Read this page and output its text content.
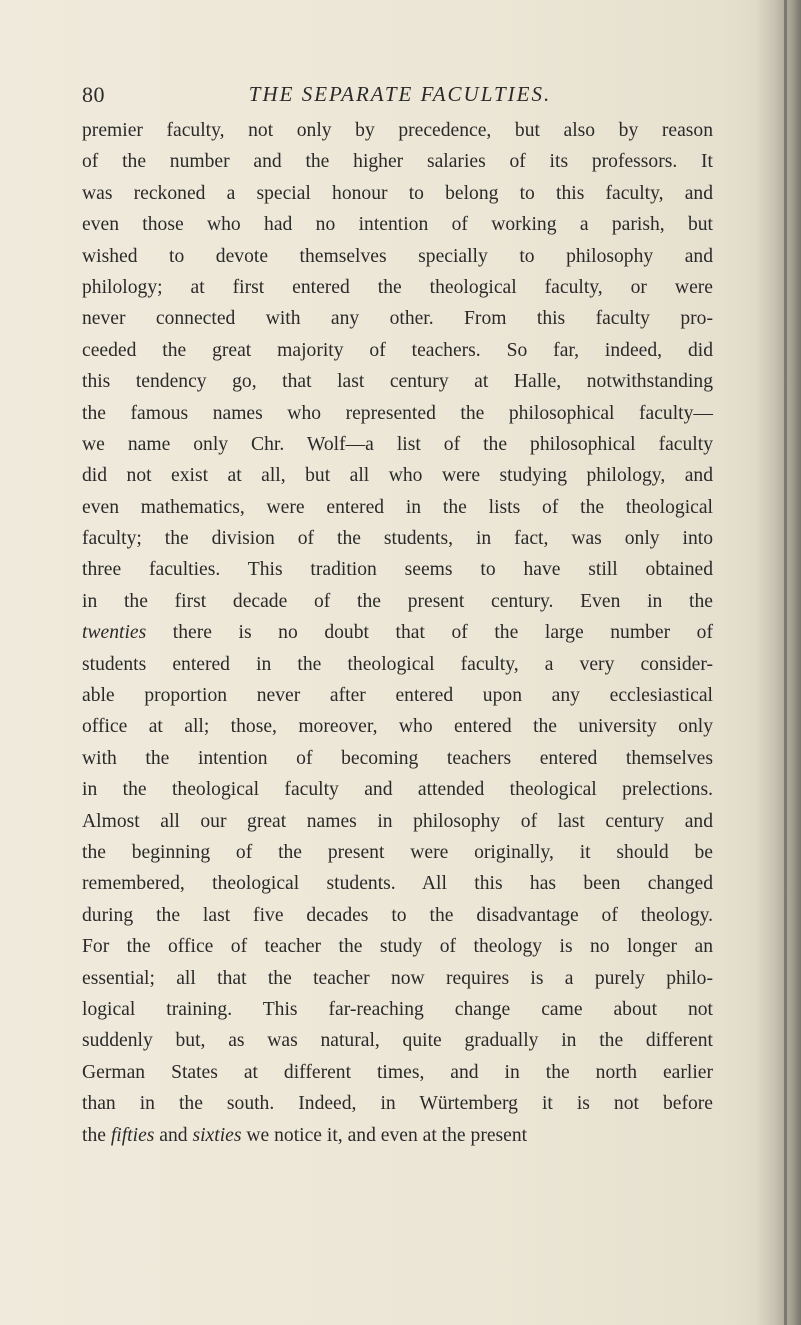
80	THE SEPARATE FACULTIES.
premier faculty, not only by precedence, but also by reason
of the number and the higher salaries of its professors. It
was reckoned a special honour to belong to this faculty, and
even those who had no intention of working a parish, but
wished to devote themselves specially to philosophy and
philology; at first entered the theological faculty, or were
never connected with any other. From this faculty pro-
ceeded the great majority of teachers. So far, indeed, did
this tendency go, that last century at Halle, notwithstanding
the famous names who represented the philosophical faculty—
we name only Chr. Wolf—a list of the philosophical faculty
did not exist at all, but all who were studying philology, and
even mathematics, were entered in the lists of the theological
faculty; the division of the students, in fact, was only into
three faculties. This tradition seems to have still obtained
in the first decade of the present century. Even in the
twenties there is no doubt that of the large number of
students entered in the theological faculty, a very consider-
able proportion never after entered upon any ecclesiastical
office at all; those, moreover, who entered the university only
with the intention of becoming teachers entered themselves
in the theological faculty and attended theological prelections.
Almost all our great names in philosophy of last century and
the beginning of the present were originally, it should be
remembered, theological students. All this has been changed
during the last five decades to the disadvantage of theology.
For the office of teacher the study of theology is no longer an
essential; all that the teacher now requires is a purely philo-
logical training. This far-reaching change came about not
suddenly but, as was natural, quite gradually in the different
German States at different times, and in the north earlier
than in the south. Indeed, in Würtemberg it is not before
the fifties and sixties we notice it, and even at the present
